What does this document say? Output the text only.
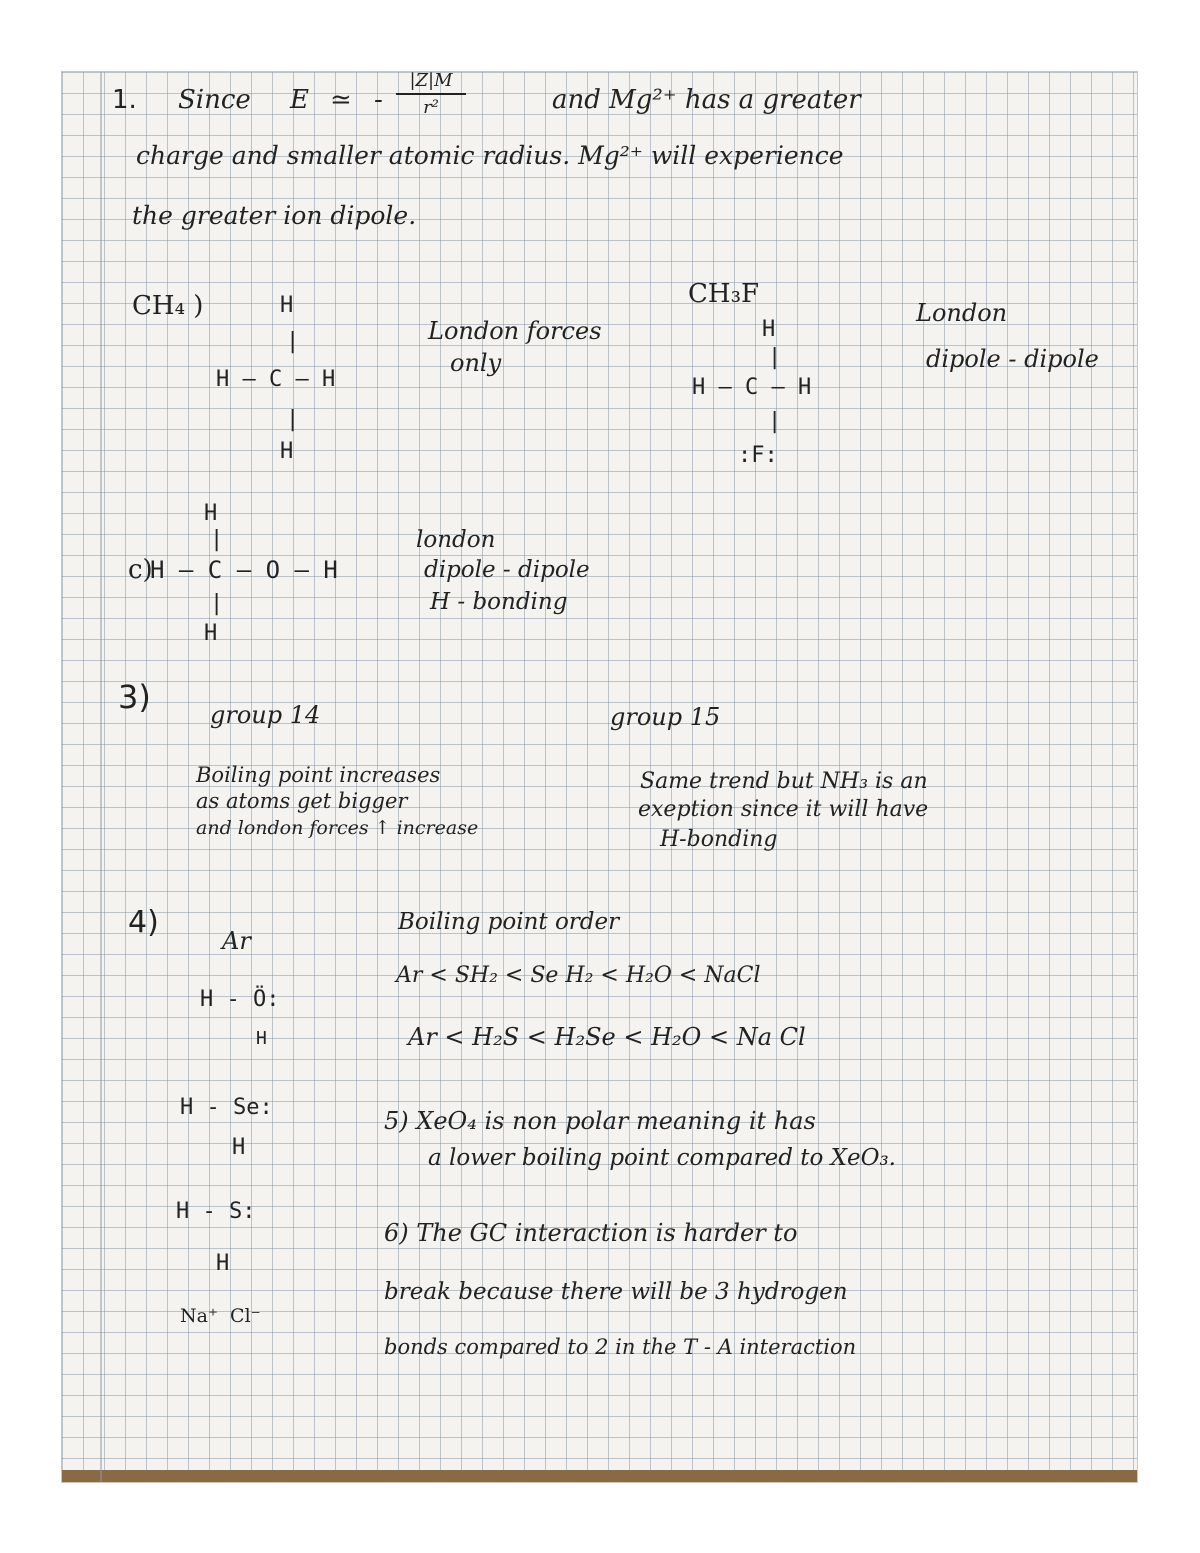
1. Since E ≃ -
|Z|M
r²	and Mg²⁺ has a greater
charge and smaller atomic radius. Mg²⁺ will experience
the greater ion dipole.
CH₄ )	H
|
H — C — H
|
H
London forces
only
CH₃F
H
|
H — C — H
|
:F:
London
dipole - dipole
H
|
c)
H — C — O — H
|
H
london
dipole - dipole
H - bonding
3) group 14	group 15
Boiling point increases
as atoms get bigger
and london forces ↑ increase
Same trend but NH₃ is an
exeption since it will have
H-bonding
4)
Ar
H - Ö:
H
H - Se:
H
H - S:
H
Na⁺  Cl⁻
Boiling point order
Ar < SH₂ < Se H₂ < H₂O < NaCl
Ar < H₂S < H₂Se < H₂O < Na Cl
5) XeO₄ is non polar meaning it has
a lower boiling point compared to XeO₃.
6) The GC interaction is harder to
break because there will be 3 hydrogen
bonds compared to 2 in the T - A interaction
